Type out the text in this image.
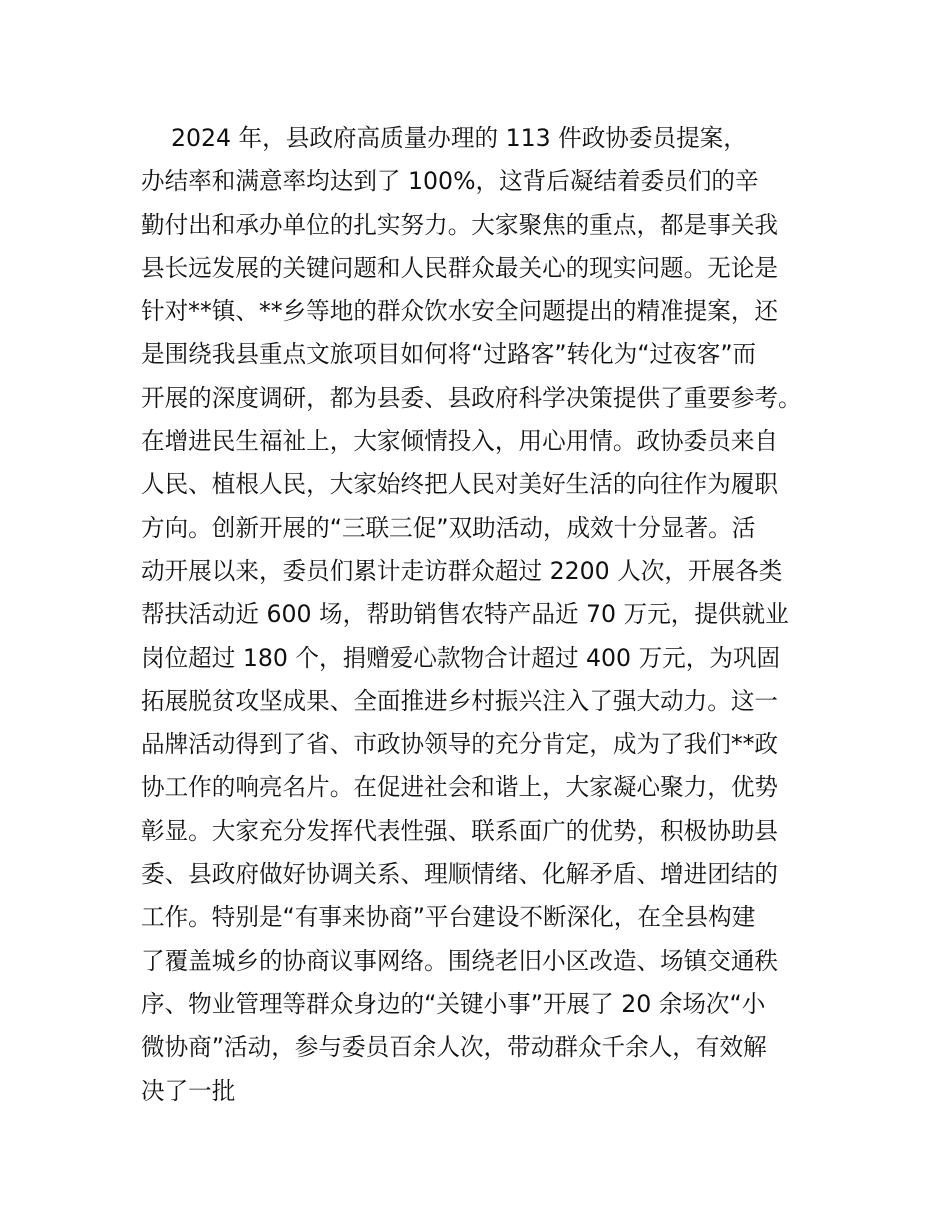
2024 年，县政府高质量办理的 113 件政协委员提案，
办结率和满意率均达到了 100%，这背后凝结着委员们的辛
勤付出和承办单位的扎实努力。大家聚焦的重点，都是事关我
县长远发展的关键问题和人民群众最关心的现实问题。无论是
针对**镇、**乡等地的群众饮水安全问题提出的精准提案，还
是围绕我县重点文旅项目如何将“过路客”转化为“过夜客”而
开展的深度调研，都为县委、县政府科学决策提供了重要参考。
在增进民生福祉上，大家倾情投入，用心用情。政协委员来自
人民、植根人民，大家始终把人民对美好生活的向往作为履职
方向。创新开展的“三联三促”双助活动，成效十分显著。活
动开展以来，委员们累计走访群众超过 2200 人次，开展各类
帮扶活动近 600 场，帮助销售农特产品近 70 万元，提供就业
岗位超过 180 个，捐赠爱心款物合计超过 400 万元，为巩固
拓展脱贫攻坚成果、全面推进乡村振兴注入了强大动力。这一
品牌活动得到了省、市政协领导的充分肯定，成为了我们**政
协工作的响亮名片。在促进社会和谐上，大家凝心聚力，优势
彰显。大家充分发挥代表性强、联系面广的优势，积极协助县
委、县政府做好协调关系、理顺情绪、化解矛盾、增进团结的
工作。特别是“有事来协商”平台建设不断深化，在全县构建
了覆盖城乡的协商议事网络。围绕老旧小区改造、场镇交通秩
序、物业管理等群众身边的“关键小事”开展了 20 余场次“小
微协商”活动，参与委员百余人次，带动群众千余人，有效解
决了一批
